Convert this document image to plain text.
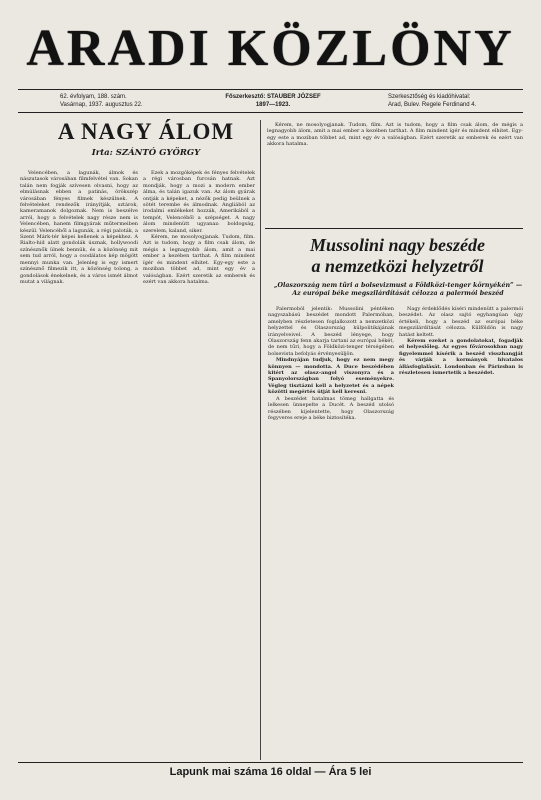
ARADI KÖZLÖNY
62. évfolyam, 188. szám.
Vasárnap, 1937. augusztus 22.
Főszerkesztő: STAUBER JÓZSEF
1897—1923.
Szerkesztőség és kiadóhivatal:
Arad, Bulev. Regele Ferdinand 4.
A NAGY ÁLOM
Irta: SZÁNTÓ GYÖRGY

Velencében, a lagunák, álmok és nászutasok városában filmfelvétel van. Sokan talán nem fogják szívesen olvasni, hogy az elmúlásnak ebben a patinás, örökszép városában fényes filmek készülnek. A felvételeket rendezők irányítják, sztárok, kameramanok dolgoznak. Nem is beszélve arról, hogy a felvételek nagy része nem is Velencében, hanem filmgyárak műtermeiben készül. Velencéből a lagunák, a régi paloták, a Szent Márk-tér képei kellenek a képekhez. A Rialto-híd alatt gondolák úsznak, hollywoodi színésznők ülnek bennük, és a közönség mit sem tud arról, hogy a csodálatos kép mögött mennyi munka van. Jelenleg is egy ismert színésznő filmezik itt, a közönség tolong, a gondolások énekelnek, és a város ismét álmot mutat a világnak.

Ezek a mozgóképek és fényes felvételek a régi városban furcsán hatnak. Azt mondják, hogy a mozi a modern ember álma, és talán igazuk van. Az álom gyárak ontják a képeket, a nézők pedig beülnek a sötét terembe és álmodnak. Angliából az irodalmi emlékeket hozzák, Amerikából a tempót, Velencéből a szépséget. A nagy álom mindenütt ugyanaz: boldogság, szerelem, kaland, siker.

Kérem, ne mosolyogjanak. Tudom, film. Azt is tudom, hogy a film csak álom, de mégis a legnagyobb álom, amit a mai ember a kezében tarthat. A film mindent ígér és mindent elhitet. Egy-egy este a moziban többet ad, mint egy év a valóságban. Ezért szeretik az emberek és ezért van akkora hatalma.

Kérem, ne mosolyogjanak. Tudom, film. Azt is tudom, hogy a film csak álom, de mégis a legnagyobb álom, amit a mai ember a kezében tarthat. A film mindent ígér és mindent elhitet. Egy-egy este a moziban többet ad, mint egy év a valóságban. Ezért szeretik az emberek és ezért van akkora hatalma.

Mussolini nagy beszéde
a nemzetközi helyzetről
„Olaszország nem tűri a bolsevizmust a Földközi-tenger környékén” — Az európai béke megszilárdítását célozza a palermói beszéd

Palermoból jelentik: Mussolini péntéken nagyszabású beszédet mondott Palermóban, amelyben részletesen foglalkozott a nemzetközi helyzettel és Olaszország külpolitikájának irányelveivel. A beszéd lényege, hogy Olaszország fenn akarja tartani az európai békét, de nem tűri, hogy a Földközi-tenger térségében bolsevista befolyás érvényesüljön.

Mindnyájan tudjuk, hogy ez nem megy könnyen — mondotta. A Duce beszédében kitért az olasz–angol viszonyra és a Spanyolországban folyó eseményekre. Végleg tisztázni kell a helyzetet és a népek közötti megértés útját kell keresni.

A beszédet hatalmas tömeg hallgatta és lelkesen ünnepelte a Ducét. A beszéd utolsó részében kijelentette, hogy Olaszország fegyveres ereje a béke biztosítéka.

Nagy érdeklődés kíséri mindenütt a palermói beszédet. Az olasz sajtó egyhangúan úgy értékeli, hogy a beszéd az európai béke megszilárdítását célozza. Külföldön is nagy hatást keltett.

Kérem ezeket a gondolatokat, fogadják el helyeslőleg. Az egyes fővárosokban nagy figyelemmel kísérik a beszéd visszhangját és várják a kormányok hivatalos állásfoglalását. Londonban és Párizsban is részletesen ismertetik a beszédet.

Lapunk mai száma 16 oldal — Ára 5 lei
